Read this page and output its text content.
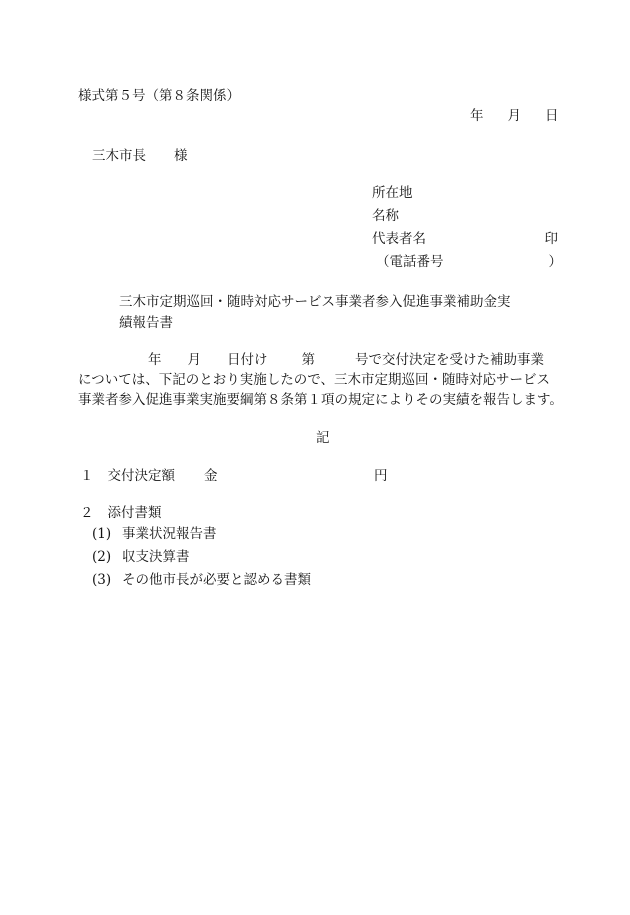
様式第５号（第８条関係）
年 月 日
三木市長 様
所在地
名称
代表者名	印
（電話番号	）
三木市定期巡回・随時対応サービス事業者参入促進事業補助金実
績報告書
年 月 日付け	第	号で交付決定を受けた補助事業
については、下記のとおり実施したので、三木市定期巡回・随時対応サービス
事業者参入促進事業実施要綱第８条第１項の規定によりその実績を報告します。
記
１ 交付決定額 金	円
２ 添付書類
(1) 事業状況報告書
(2) 収支決算書
(3) その他市長が必要と認める書類
